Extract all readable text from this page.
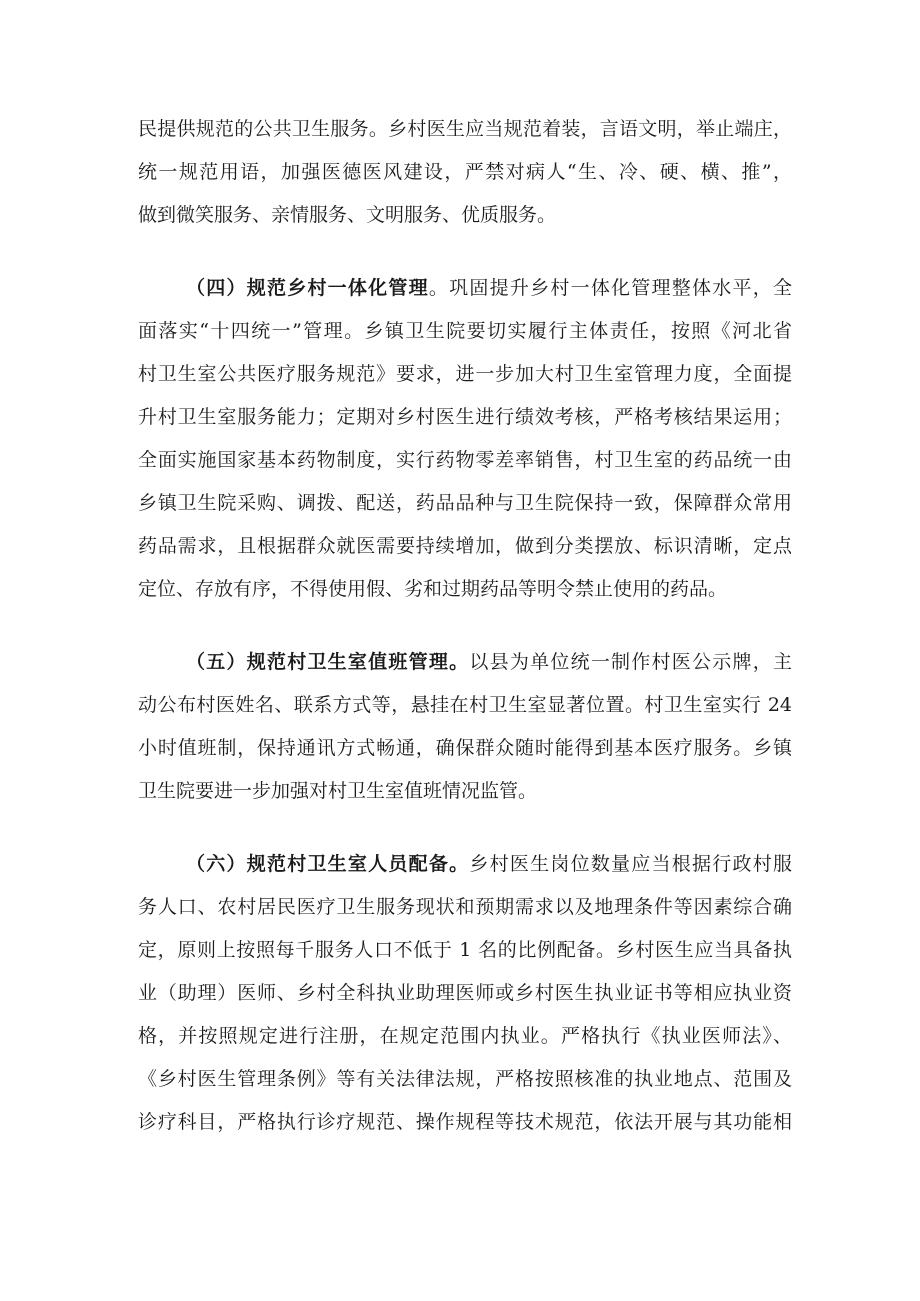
民提供规范的公共卫生服务。乡村医生应当规范着装，言语文明，举止端庄，
统一规范用语，加强医德医风建设，严禁对病人“生、冷、硬、横、推”，
做到微笑服务、亲情服务、文明服务、优质服务。
（四）规范乡村一体化管理。巩固提升乡村一体化管理整体水平，全
面落实“十四统一”管理。乡镇卫生院要切实履行主体责任，按照《河北省
村卫生室公共医疗服务规范》要求，进一步加大村卫生室管理力度，全面提
升村卫生室服务能力；定期对乡村医生进行绩效考核，严格考核结果运用；
全面实施国家基本药物制度，实行药物零差率销售，村卫生室的药品统一由
乡镇卫生院采购、调拨、配送，药品品种与卫生院保持一致，保障群众常用
药品需求，且根据群众就医需要持续增加，做到分类摆放、标识清晰，定点
定位、存放有序，不得使用假、劣和过期药品等明令禁止使用的药品。
（五）规范村卫生室值班管理。以县为单位统一制作村医公示牌，主
动公布村医姓名、联系方式等，悬挂在村卫生室显著位置。村卫生室实行 24
小时值班制，保持通讯方式畅通，确保群众随时能得到基本医疗服务。乡镇
卫生院要进一步加强对村卫生室值班情况监管。
（六）规范村卫生室人员配备。乡村医生岗位数量应当根据行政村服
务人口、农村居民医疗卫生服务现状和预期需求以及地理条件等因素综合确
定，原则上按照每千服务人口不低于 1 名的比例配备。乡村医生应当具备执
业（助理）医师、乡村全科执业助理医师或乡村医生执业证书等相应执业资
格，并按照规定进行注册，在规定范围内执业。严格执行《执业医师法》、
《乡村医生管理条例》等有关法律法规，严格按照核准的执业地点、范围及
诊疗科目，严格执行诊疗规范、操作规程等技术规范，依法开展与其功能相
